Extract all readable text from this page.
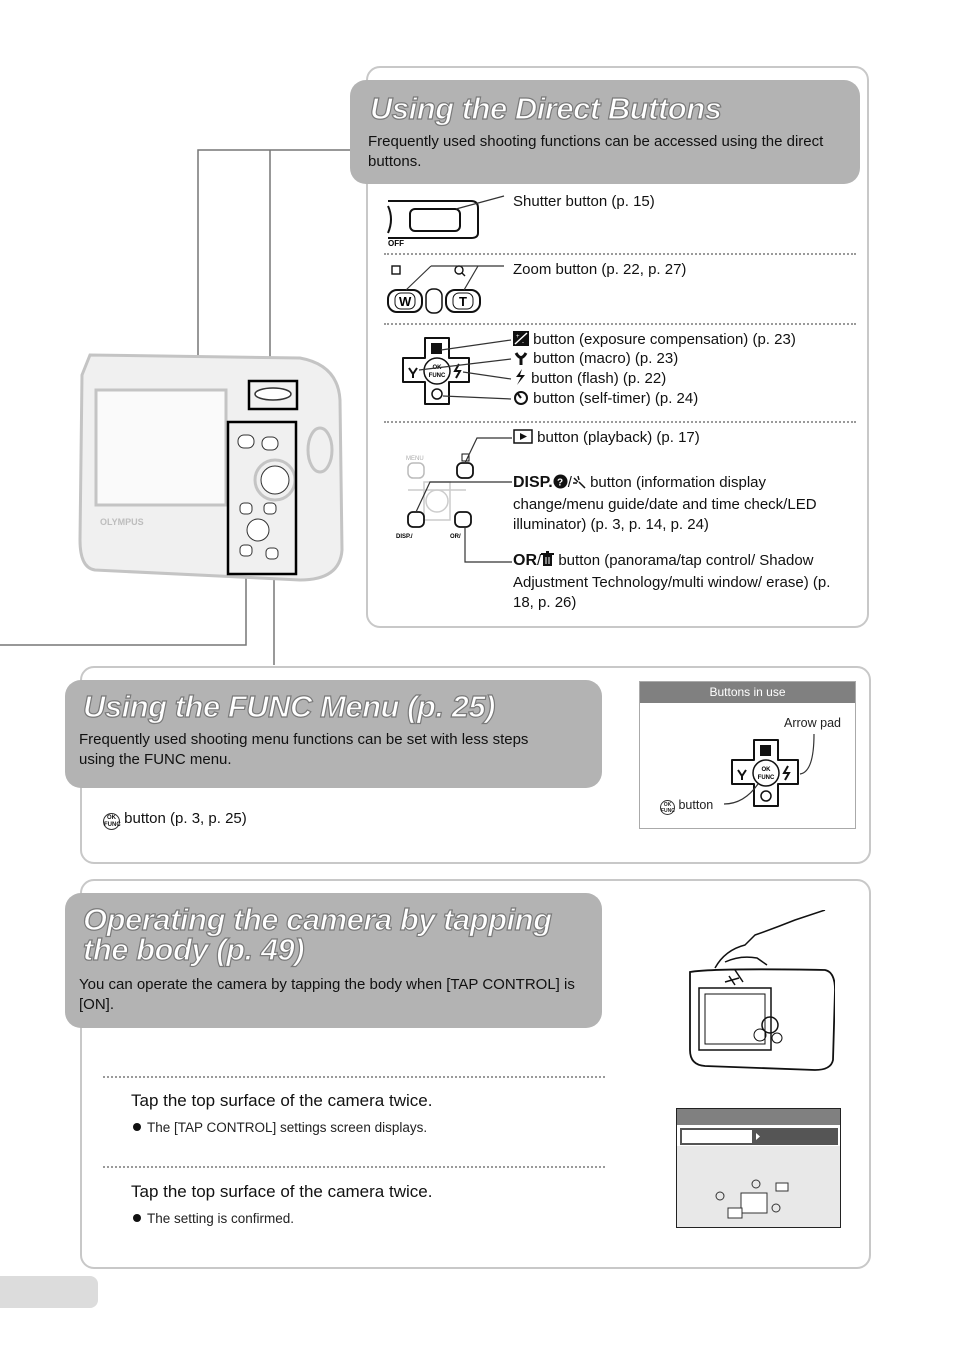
OLYMPUS
Using the Direct Buttons
Frequently used shooting functions can be accessed using the direct buttons.
OFF
Shutter button (p. 15)
W	T
Zoom button (p. 22, p. 27)
FUNC
+
- button (exposure compensation) (p. 23)
button (macro) (p. 23)
button (flash) (p. 22)
button (self-timer) (p. 24)
MENU
DISP./	OR/
button (playback) (p. 17)
DISP. ? / button (information display change/menu guide/date and time check/LED illuminator) (p. 3, p. 14, p. 24)
OR/ button (panorama/tap control/ Shadow Adjustment Technology/multi window/ erase) (p. 18, p. 26)
Using the FUNC Menu (p. 25)
Frequently used shooting menu functions can be set with less steps using the FUNC menu.
OK
FUNC button (p. 3, p. 25)
Buttons in use
Arrow pad
OK
FUNC button
OK
FUNC
Operating the camera by tapping the body (p. 49)
You can operate the camera by tapping the body when [TAP CONTROL] is [ON].
Tap the top surface of the camera twice.
The [TAP CONTROL] settings screen displays.
Tap the top surface of the camera twice.
The setting is confirmed.
